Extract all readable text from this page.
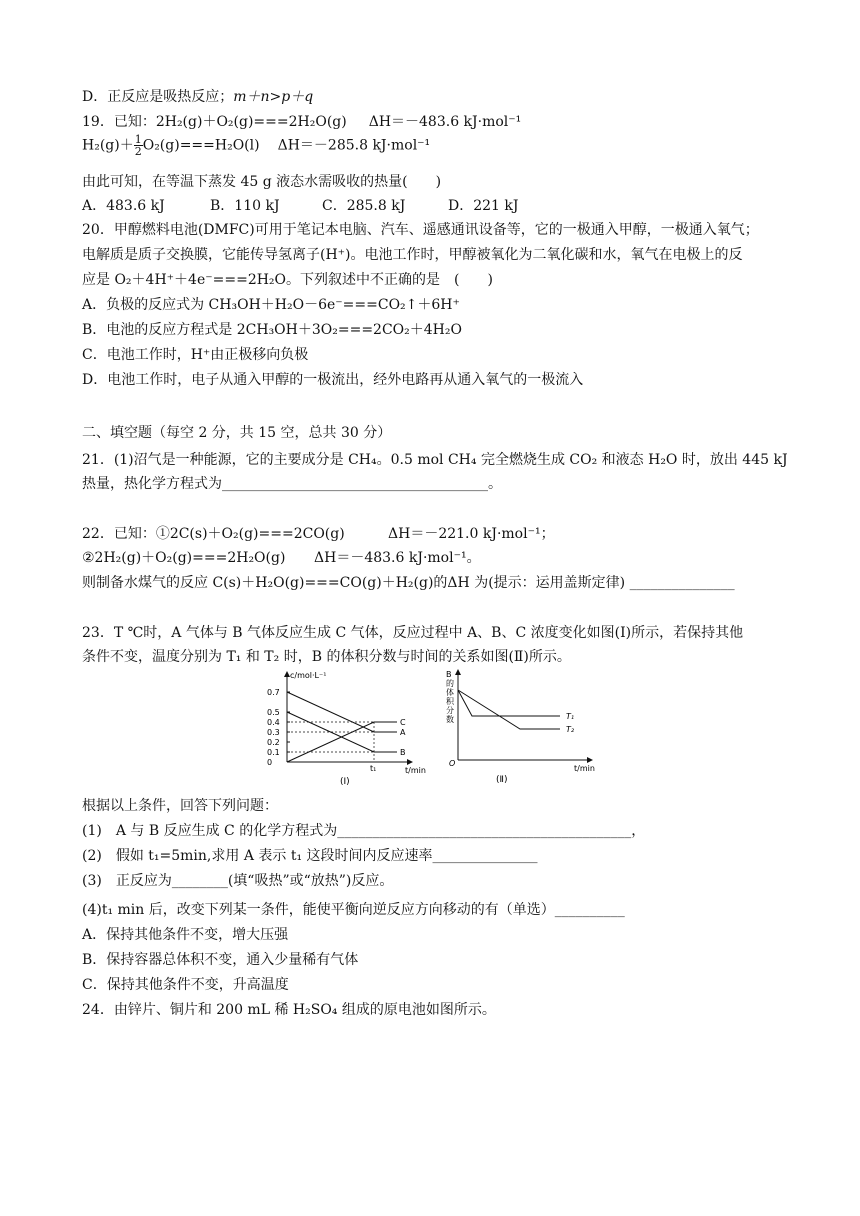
D．正反应是吸热反应；m＋n>p＋q
19．已知：2H₂(g)＋O₂(g)===2H₂O(g) ΔH＝－483.6 kJ·mol⁻¹
$H_2(g)+ \frac{1}{2} O_2(g)===H_2O(l)$ ΔH＝－285.8 kJ·mol⁻¹
由此可知，在等温下蒸发 45 g 液态水需吸收的热量(　　)
A．483.6 kJ	B．110 kJ	C．285.8 kJ	D．221 kJ
20．甲醇燃料电池(DMFC)可用于笔记本电脑、汽车、遥感通讯设备等，它的一极通入甲醇，一极通入氧气；
电解质是质子交换膜，它能传导氢离子(H⁺)。电池工作时，甲醇被氧化为二氧化碳和水，氧气在电极上的反
应是 O₂＋4H⁺＋4e⁻===2H₂O。下列叙述中不正确的是　(　　)
A．负极的反应式为 CH₃OH＋H₂O－6e⁻===CO₂↑＋6H⁺
B．电池的反应方程式是 2CH₃OH＋3O₂===2CO₂＋4H₂O
C．电池工作时，H⁺由正极移向负极
D．电池工作时，电子从通入甲醇的一极流出，经外电路再从通入氧气的一极流入
二、填空题（每空 2 分，共 15 空，总共 30 分）
21．(1)沼气是一种能源，它的主要成分是 CH₄。0.5 mol CH₄ 完全燃烧生成 CO₂ 和液态 H₂O 时，放出 445 kJ
热量，热化学方程式为______________________________________。
22．已知：①2C(s)＋O₂(g)===2CO(g)	ΔH＝－221.0 kJ·mol⁻¹；
②2H₂(g)＋O₂(g)===2H₂O(g) ΔH＝－483.6 kJ·mol⁻¹。
则制备水煤气的反应 C(s)＋H₂O(g)===CO(g)＋H₂(g)的ΔH 为(提示：运用盖斯定律) _______________
23．T ℃时，A 气体与 B 气体反应生成 C 气体，反应过程中 A、B、C 浓度变化如图(Ⅰ)所示，若保持其他
条件不变，温度分别为 T₁ 和 T₂ 时，B 的体积分数与时间的关系如图(Ⅱ)所示。
c/mol·L⁻¹
t/min
0.7
0.5
0.4
0.3
0.2
0.1
0
A
B
C
t₁
(Ⅰ)
B
的
体
积
分
数
O
t/min
T₁
T₂
(Ⅱ)
根据以上条件，回答下列问题：
(1)　A 与 B 反应生成 C 的化学方程式为__________________________________________，
(2)　假如 t₁=5min,求用 A 表示 t₁ 这段时间内反应速率_______________
(3)　正反应为________(填“吸热”或“放热”)反应。
(4)t₁ min 后，改变下列某一条件，能使平衡向逆反应方向移动的有（单选）__________
A．保持其他条件不变，增大压强
B．保持容器总体积不变，通入少量稀有气体
C．保持其他条件不变，升高温度
24．由锌片、铜片和 200 mL 稀 H₂SO₄ 组成的原电池如图所示。
